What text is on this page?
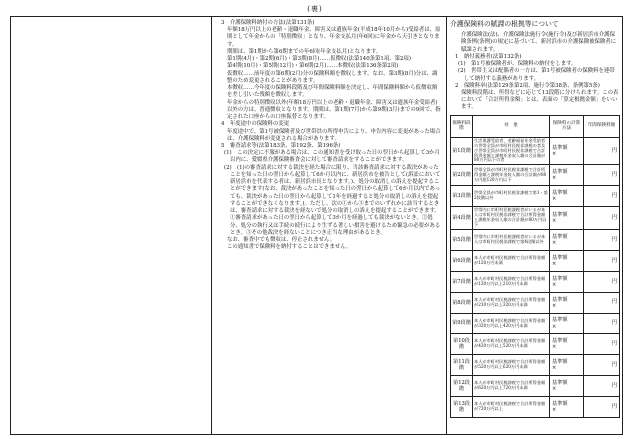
(裏)
3　介護保険料納付の方法(法第131条)
年額18万円以上の老齢・退職年金、障害又は遺族年金(平成18年10月から)受給者は、原則として年金からの「特別徴収」となり、年金支払月(年6回)に年金から天引きとなります。
期間は、第1期から第6期までの年6回(年金支払月)となります。
第1期(4月)・第2期(6月)・第3期(8月)……仮徴収(法第140条第1項、第2項)
第4期(10月)・第5期(12月)・第6期(2月)……本徴収(法第136条第2項)
仮徴収……前年度の第6期(2月)分の保険料額を徴収します。なお、第3期(8月)分は、調整のため変更されることがあります。
本徴収……今年度の保険料段階及び年間保険料額を決定し、年間保険料額から仮徴収額を差し引いた残額を徴収します。
年金からの特別徴収以外(年額18万円以上の老齢・退職年金、障害又は遺族年金受給者)以外の方は、普通徴収となります。期間は、第1期(7月)から第9期(3月)までの9回で、指定された口座からの口座振替となります。
4　年度途中の保険料の変更
年度途中で、第1号被保険者及び世帯員の所得申告により、申告内容に変更があった場合は、介護保険料が変更される場合があります。
5　審査請求等(法第183条、第192条、第196条)
(1)　この決定に不服がある場合は、この通知書を受け取った日の翌日から起算して3か月以内に、愛媛県介護保険審査会に対して審査請求をすることができます。
(2)　(1)の審査請求に対する裁決を経た場合に限り、当該審査請求に対する裁決があったことを知った日の翌日から起算して6か月以内に、新居浜市を被告として(訴訟において新居浜市を代表する者は、新居浜市長となります。)、処分の取消しの訴えを提起することができます(なお、裁決があったことを知った日の翌日から起算して6か月以内であっても、裁決があった日の翌日から起算して1年を経過すると処分の取消しの訴えを提起することができなくなります。)。ただし、次の①から③までのいずれかに該当するときは、審査請求に対する裁決を経ないで処分の取消しの訴えを提起することができます。①審査請求があった日の翌日から起算して3か月を経過しても裁決がないとき。②処分、処分の執行又は手続の続行により生ずる著しい損害を避けるため緊急の必要があるとき。③その他裁決を経ないことにつき正当な理由があるとき。
なお、審査中でも徴収は、停止されません。
この通知書で保険料を納付することはできません。
介護保険料の賦課の根拠等について
介護保険法(法)、介護保険法施行令(施行令)及び新居浜市介護保険条例(条例)の規定に基づいて、新居浜市の介護保険被保険者に賦課されます。
1　納付義務者(法第132条)
(1)　第1号被保険者が、保険料の納付をします。
(2)　世帯主又は配偶者の一方は、第1号被保険者の保険料を連帯して納付する義務があります。
2　保険料率(法第129条第2項、施行令第38条、条例第5条)
保険料段階は、所得などに応じて13段階に分けられます。この表において「合計所得金額」とは、表面の「算定根拠金額」をいいます。
保険料段階	対　象	保険料の計算方法	年間保険料額
第1段階	生活保護受給者、老齢福祉年金受給者の世帯全員が市町村民税非課税の者及び世帯全員が市町村民税非課税で合計所得金額と課税年金収入額の合計額が80万円以下の者	基準額
×	円
第2段階	世帯全員が市町村民税非課税で合計所得金額と課税年金収入額の合計額が80万円超120万円以下	基準額
×	円
第3段階	世帯全員が市町村民税非課税で第1・第2段階以外	基準額
×	円
第4段階	世帯内に市町村民税課税者がいるが本人は市町村民税非課税で合計所得金額と課税年金収入額の合計額が80万円以下	基準額
×	円
第5段階	世帯内に市町村民税課税者がいるが本人は市町村民税非課税で第4段階以外	基準額
×	円
第6段階	本人が市町村民税課税で合計所得金額が120万円未満	基準額
×	円
第7段階	本人が市町村民税課税で合計所得金額が120万円以上210万円未満	基準額
×	円
第8段階	本人が市町村民税課税で合計所得金額が210万円以上320万円未満	基準額
×	円
第9段階	本人が市町村民税課税で合計所得金額が320万円以上420万円未満	基準額
×	円
第10段階	本人が市町村民税課税で合計所得金額が420万円以上520万円未満	基準額
×	円
第11段階	本人が市町村民税課税で合計所得金額が520万円以上620万円未満	基準額
×	円
第12段階	本人が市町村民税課税で合計所得金額が620万円以上720万円未満	基準額
×	円
第13段階	本人が市町村民税課税で合計所得金額が720万円以上	基準額
×	円
